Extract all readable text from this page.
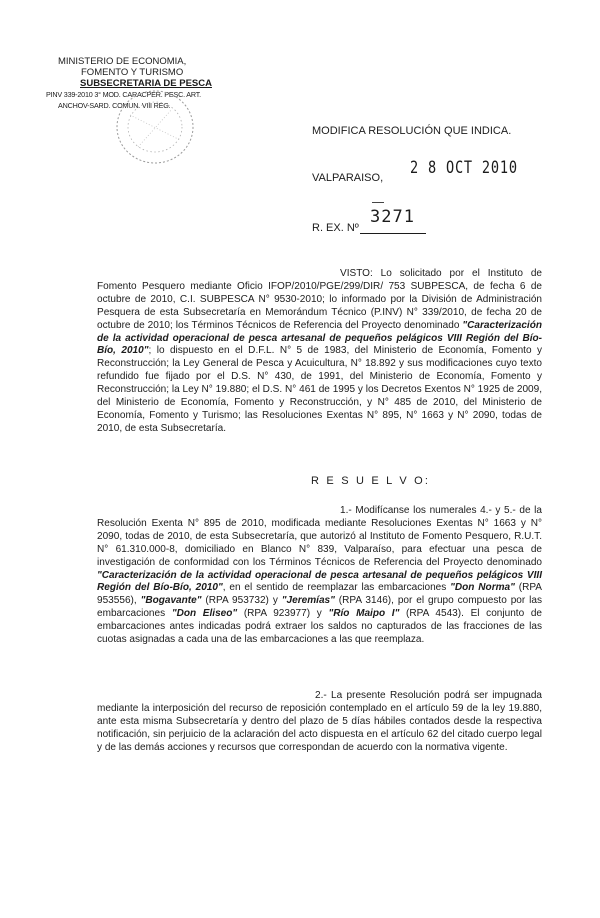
MINISTERIO DE ECONOMIA,
FOMENTO Y TURISMO
SUBSECRETARIA DE PESCA
PINV 339-2010 3° MOD. CARACPER. PESC. ART.
ANCHOV-SARD. COMUN. VIII REG.
MODIFICA RESOLUCIÓN QUE INDICA.
2 8 OCT 2010
VALPARAISO,
3271
R. EX. Nº

VISTO: Lo solicitado por el Instituto de Fomento Pesquero mediante Oficio IFOP/2010/PGE/299/DIR/ 753 SUBPESCA, de fecha 6 de octubre de 2010, C.I. SUBPESCA N° 9530-2010; lo informado por la División de Administración Pesquera de esta Subsecretaría en Memorándum Técnico (P.INV) N° 339/2010, de fecha 20 de octubre de 2010; los Términos Técnicos de Referencia del Proyecto denominado "Caracterización de la actividad operacional de pesca artesanal de pequeños pelágicos VIII Región del Bío-Bío, 2010"; lo dispuesto en el D.F.L. N° 5 de 1983, del Ministerio de Economía, Fomento y Reconstrucción; la Ley General de Pesca y Acuicultura, N° 18.892 y sus modificaciones cuyo texto refundido fue fijado por el D.S. N° 430, de 1991, del Ministerio de Economía, Fomento y Reconstrucción; la Ley N° 19.880; el D.S. N° 461 de 1995 y los Decretos Exentos N° 1925 de 2009, del Ministerio de Economía, Fomento y Reconstrucción, y N° 485 de 2010, del Ministerio de Economía, Fomento y Turismo; las Resoluciones Exentas N° 895, N° 1663 y N° 2090, todas de 2010, de esta Subsecretaría.

R E S U E L V O:

1.- Modifícanse los numerales 4.- y 5.- de la Resolución Exenta N° 895 de 2010, modificada mediante Resoluciones Exentas N° 1663 y N° 2090, todas de 2010, de esta Subsecretaría, que autorizó al Instituto de Fomento Pesquero, R.U.T. N° 61.310.000-8, domiciliado en Blanco N° 839, Valparaíso, para efectuar una pesca de investigación de conformidad con los Términos Técnicos de Referencia del Proyecto denominado "Caracterización de la actividad operacional de pesca artesanal de pequeños pelágicos VIII Región del Bío-Bío, 2010", en el sentido de reemplazar las embarcaciones "Don Norma" (RPA 953556), "Bogavante" (RPA 953732) y "Jeremías" (RPA 3146), por el grupo compuesto por las embarcaciones "Don Eliseo" (RPA 923977) y "Río Maipo I" (RPA 4543). El conjunto de embarcaciones antes indicadas podrá extraer los saldos no capturados de las fracciones de las cuotas asignadas a cada una de las embarcaciones a las que reemplaza.

2.- La presente Resolución podrá ser impugnada mediante la interposición del recurso de reposición contemplado en el artículo 59 de la ley 19.880, ante esta misma Subsecretaría y dentro del plazo de 5 días hábiles contados desde la respectiva notificación, sin perjuicio de la aclaración del acto dispuesta en el artículo 62 del citado cuerpo legal y de las demás acciones y recursos que correspondan de acuerdo con la normativa vigente.
